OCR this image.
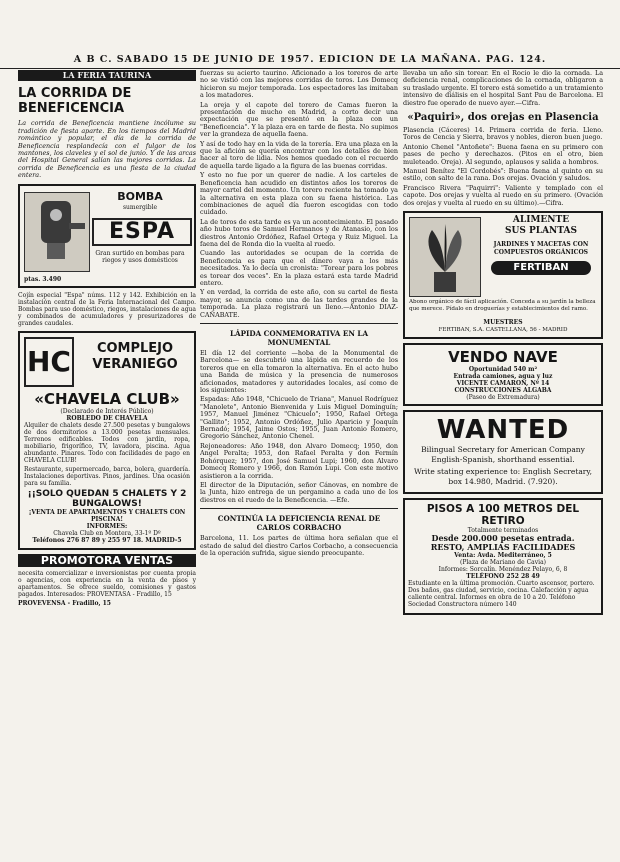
A B C. SABADO 15 DE JUNIO DE 1957. EDICION DE LA MAÑANA. PAG. 124.
LA FERIA TAURINA
LA CORRIDA DE BENEFICENCIA

La corrida de Beneficencia mantiene incólume su tradición de fiesta aparte. En los tiempos del Madrid romántico y popular, el día de la corrida de Beneficencia resplandecía con el fulgor de los mantones, los claveles y el sol de junio. Y de las arcas del Hospital General salían las mejores corridas. La corrida de Beneficencia es una fiesta de la ciudad entera.

ptas. 3.490
BOMBA
sumergible
ESPA
Gran surtido en bombas para riegos y usos domésticos

Cojín especial "Espa" núms. 112 y 142. Exhibición en la instalación central de la Feria Internacional del Campo. Bombas para uso doméstico, riegos, instalaciones de agua y combinados de acumuladores y presurizadores de grandes caudales.

HC	COMPLEJO
VERANIEGO
«CHAVELA CLUB»
(Declarado de Interés Público)
ROBLEDO DE CHAVELA

Alquiler de chalets desde 27.500 pesetas y bungalows de dos dormitorios a 13.000 pesetas mensuales. Terrenos edificables. Todos con jardín, ropa, mobiliario, frigorífico, TV, lavadora, piscina. Agua abundante. Pinares. Todo con facilidades de pago en CHAVELA CLUB!

Restaurante, supermercado, barca, bolera, guardería. Instalaciones deportivas. Pinos, jardines. Una ocasión para su familia.

¡¡SOLO QUEDAN 5 CHALETS Y 2 BUNGALOWS!
¡VENTA DE APARTAMENTOS Y CHALETS CON PISCINA!
INFORMES:
Chavela Club en Montera, 33-1º Dº
Teléfonos 276 87 89 y 255 97 18. MADRID-5
PROMOTORA VENTAS

necesita comercializar e inversionistas por cuenta propia o agencias, con experiencia en la venta de pisos y apartamentos. Se ofrece sueldo, comisiones y gastos pagados. Interesados: PROVENTASA - Fradillo, 15

PROVEVENSA - Fradillo, 15

fuerzas su acierto taurino. Aficionado a los toreros de arte no se vistió con las mejores corridas de toros. Los Domecq hicieron su mejor temporada. Los espectadores las imitaban a los matadores.

La oreja y el capote del torero de Camas fueron la presentación de mucho en Madrid, a corto decir una expectación que se presentó en la plaza con un "Beneficencia". Y la plaza era en tarde de fiesta. No supimos ver la grandeza de aquella faena.

Y así de todo hay en la vida de la torería. Era una plaza en la que la afición se quería encontrar con los detalles de bien hacer al toro de lidia. Nos hemos quedado con el recuerdo de aquella tarde ligado a la figura de las buenas corridas.

Y esto no fue por un querer de nadie. A los carteles de Beneficencia han acudido en distintos años los toreros de mayor cartel del momento. Un torero reciente ha tomado ya la alternativa en esta plaza con su faena histórica. Las combinaciones de aquel día fueron escogidas con todo cuidado.

La de toros de esta tarde es ya un acontecimiento. El pasado año hubo toros de Samuel Hermanos y de Atanasio, con los diestros Antonio Ordóñez, Rafael Ortega y Ruiz Miguel. La faena del de Ronda dio la vuelta al ruedo.

Cuando las autoridades se ocupan de la corrida de Beneficencia es para que el dinero vaya a los más necesitados. Ya lo decía un cronista: "Torear para los pobres es torear dos veces". En la plaza estará esta tarde Madrid entero.

Y en verdad, la corrida de este año, con su cartel de fiesta mayor, se anuncia como una de las tardes grandes de la temporada. La plaza registrará un lleno.—Antonio DIAZ-CAÑABATE.

LÁPIDA CONMEMORATIVA EN LA MONUMENTAL

El día 12 del corriente —hoba de la Monumental de Barcelona— se descubrió una lápida en recuerdo de los toreros que en ella tomaron la alternativa. En el acto hubo una Banda de música y la presencia de numerosos aficionados, matadores y autoridades locales, así como de los siguientes:

Espadas: Año 1948, "Chicuelo de Triana", Manuel Rodríguez "Manolete", Antonio Bienvenida y Luis Miguel Dominguín; 1957, Manuel Jiménez "Chicuelo"; 1950, Rafael Ortega "Gallito"; 1952, Antonio Ordóñez, Julio Aparicio y Joaquín Bernadó; 1954, Jaime Ostos; 1955, Juan Antonio Romero, Gregorio Sánchez, Antonio Chenel.

Rejoneadores: Año 1948, don Alvaro Domecq; 1950, don Angel Peralta; 1953, don Rafael Peralta y don Fermín Bohórquez; 1957, don José Samuel Lupi; 1960, don Alvaro Domecq Romero y 1966, don Ramón Lupi. Con este motivo asistieron a la corrida.

El director de la Diputación, señor Cánovas, en nombre de la Junta, hizo entrega de un pergamino a cada uno de los diestros en el ruedo de la Beneficencia. —Efe.

CONTINÚA LA DEFICIENCIA RENAL DE CARLOS CORBACHO

Barcelona, 11. Los partes de última hora señalan que el estado de salud del diestro Carlos Corbacho, a consecuencia de la operación sufrida, sigue siendo preocupante.

llevaba un año sin torear. En el Rocío le dio la cornada. La deficiencia renal, complicaciones de la cornada, obligaron a su traslado urgente. El torero está sometido a un tratamiento intensivo de diálisis en el hospital Sant Pau de Barcelona. El diestro fue operado de nuevo ayer.—Cifra.

«Paquiri», dos orejas en Plasencia

Plasencia (Cáceres) 14. Primera corrida de feria. Lleno. Toros de Cencia y Sierra, bravos y nobles, dieron buen juego.

Antonio Chenel "Antoñete": Buena faena en su primero con pases de pecho y derechazos. (Pitos en el otro, bien muleteado. Oreja). Al segundo, aplausos y salida a hombros.

Manuel Benítez "El Cordobés": Buena faena al quinto en su estilo, con salto de la rana. Dos orejas. Ovación y saludos.

Francisco Rivera "Paquirri": Valiente y templado con el capote. Dos orejas y vuelta al ruedo en su primero. (Ovación dos orejas y vuelta al ruedo en su último).—Cifra.

ALIMENTE
SUS PLANTAS
JARDINES Y MACETAS CON
COMPUESTOS ORGÁNICOS
FERTIBAN
Abono orgánico de fácil aplicación. Conceda a su jardín la belleza que merece. Pídalo en droguerías y establecimientos del ramo.
MUESTRES
FERTIBAN, S.A. CASTELLANA, 56 - MADRID
VENDO NAVE
Oportunidad 540 m²
Entrada camiones, agua y luz
VICENTE CAMARON, Nº 14
CONSTRUCCIONES ALGABA
(Paseo de Extremadura)
WANTED

Bilingual Secretary for American Company English-Spanish, shorthand essential.

Write stating experience to: English Secretary, box 14.980, Madrid. (7.920).

PISOS A 100 METROS DEL RETIRO
Totalmente terminados
Desde 200.000 pesetas entrada.
RESTO, AMPLIAS FACILIDADES
Venta: Avda. Mediterráneo, 5
(Plaza de Mariano de Cavia)
Informes: Sorcalín. Menéndez Pelayo, 6, 8
TELÉFONO 252 28 49

Estudiante en la última promoción. Cuarto ascensor, portero. Dos baños, gas ciudad, servicio, cocina. Calefacción y agua caliente central. Informes en obra de 10 a 20. Teléfono Sociedad Constructora número 140
